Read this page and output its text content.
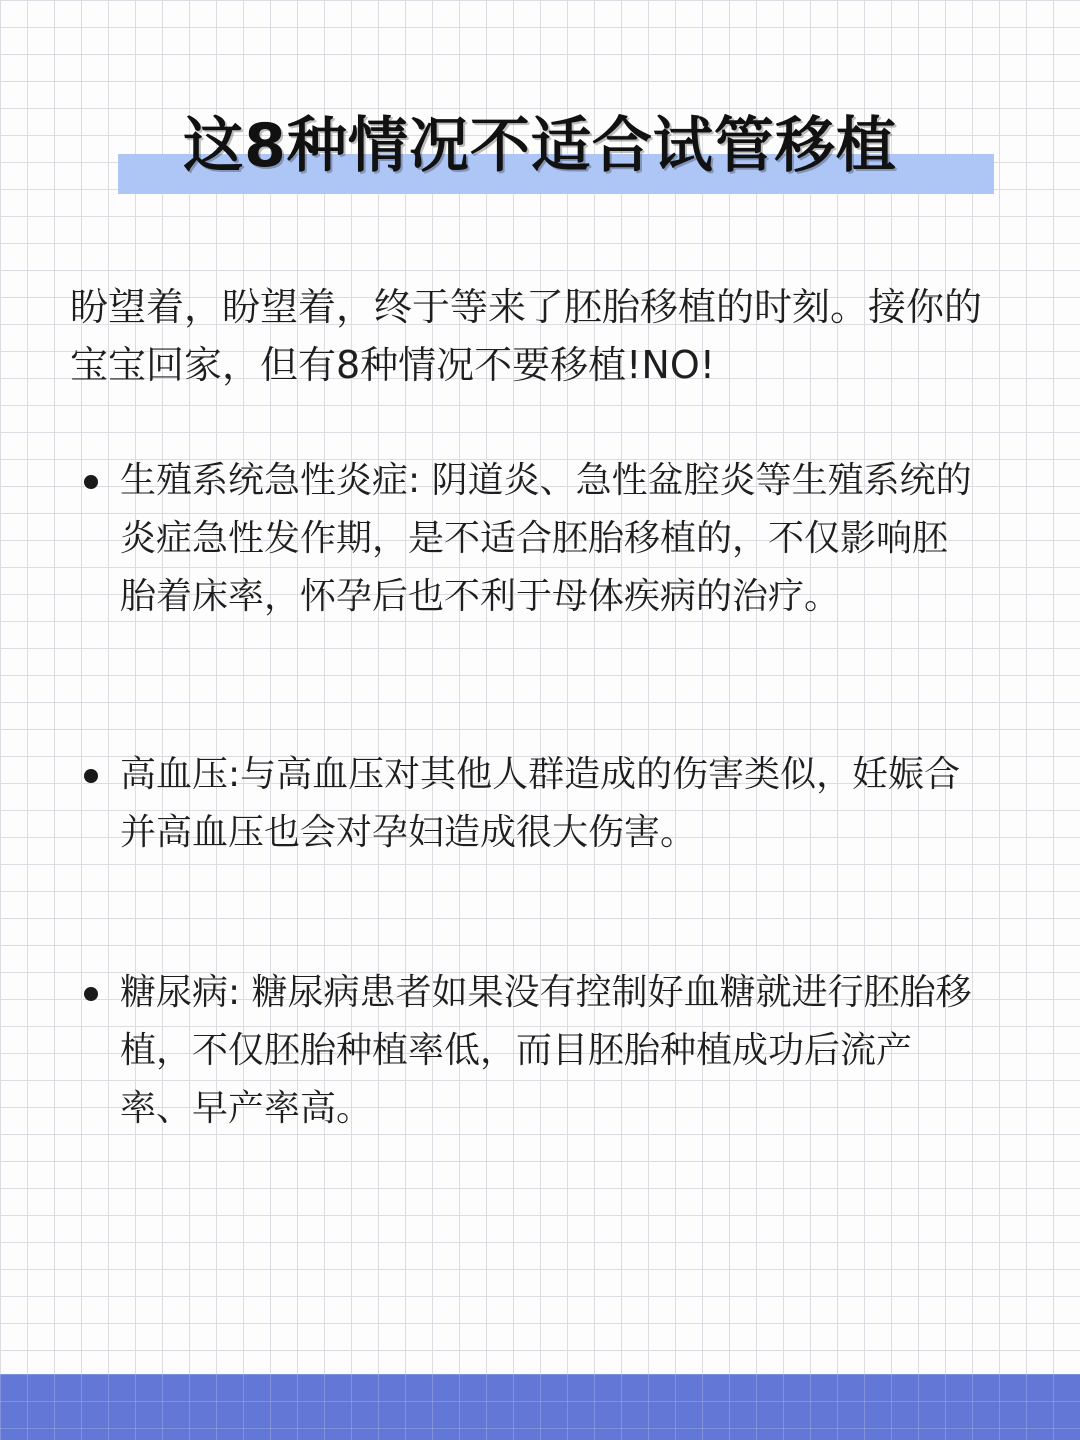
这8种情况不适合试管移植
盼望着，盼望着，终于等来了胚胎移植的时刻。接你的宝宝回家，但有8种情况不要移植!NO!
生殖系统急性炎症: 阴道炎、急性盆腔炎等生殖系统的炎症急性发作期，是不适合胚胎移植的，不仅影响胚胎着床率，怀孕后也不利于母体疾病的治疗。
高血压:与高血压对其他人群造成的伤害类似，妊娠合并高血压也会对孕妇造成很大伤害。
糖尿病: 糖尿病患者如果没有控制好血糖就进行胚胎移植，不仅胚胎种植率低，而目胚胎种植成功后流产率、早产率高。
